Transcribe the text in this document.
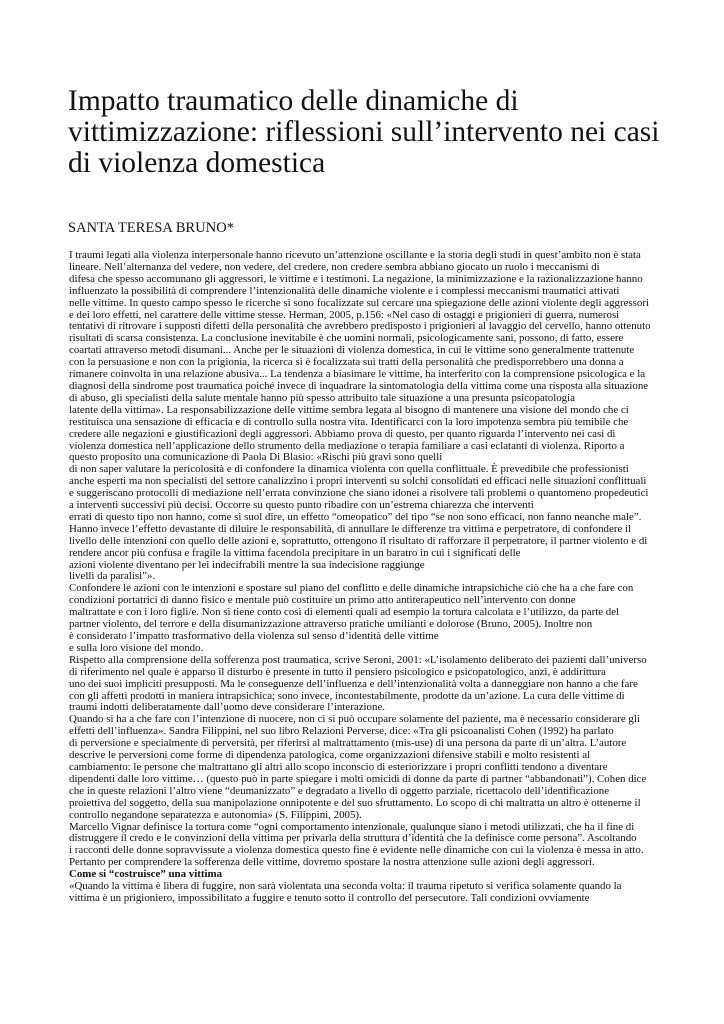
Impatto traumatico delle dinamiche di
vittimizzazione: riflessioni sull’intervento nei casi
di violenza domestica
SANTA TERESA BRUNO*
I traumi legati alla violenza interpersonale hanno ricevuto un’attenzione oscillante e la storia degli studi in quest’ambito non è stata
lineare. Nell’alternanza del vedere, non vedere, del credere, non credere sembra abbiano giocato un ruolo i meccanismi di
difesa che spesso accomunano gli aggressori, le vittime e i testimoni. La negazione, la minimizzazione e la razionalizzazione hanno
influenzato la possibilità di comprendere l’intenzionalità delle dinamiche violente e i complessi meccanismi traumatici attivati
nelle vittime. In questo campo spesso le ricerche si sono focalizzate sul cercare una spiegazione delle azioni violente degli aggressori
e dei loro effetti, nel carattere delle vittime stesse. Herman, 2005, p.156: «Nel caso di ostaggi e prigionieri di guerra, numerosi
tentativi di ritrovare i supposti difetti della personalità che avrebbero predisposto i prigionieri al lavaggio del cervello, hanno ottenuto
risultati di scarsa consistenza. La conclusione inevitabile è che uomini normali, psicologicamente sani, possono, di fatto, essere
coartati attraverso metodi disumani... Anche per le situazioni di violenza domestica, in cui le vittime sono generalmente trattenute
con la persuasione e non con la prigionia, la ricerca si è focalizzata sui tratti della personalità che predisporrebbero una donna a
rimanere coinvolta in una relazione abusiva... La tendenza a biasimare le vittime, ha interferito con la comprensione psicologica e la
diagnosi della sindrome post traumatica poiché invece di inquadrare la sintomatologia della vittima come una risposta alla situazione
di abuso, gli specialisti della salute mentale hanno più spesso attribuito tale situazione a una presunta psicopatologia
latente della vittima». La responsabilizzazione delle vittime sembra legata al bisogno di mantenere una visione del mondo che ci
restituisca una sensazione di efficacia e di controllo sulla nostra vita. Identificarci con la loro impotenza sembra più temibile che
credere alle negazioni e giustificazioni degli aggressori. Abbiamo prova di questo, per quanto riguarda l’intervento nei casi di
violenza domestica nell’applicazione dello strumento della mediazione o terapia familiare a casi eclatanti di violenza. Riporto a
questo proposito una comunicazione di Paola Di Blasio: «Rischi più gravi sono quelli
di non saper valutare la pericolosità e di confondere la dinamica violenta con quella conflittuale. È prevedibile che professionisti
anche esperti ma non specialisti del settore canalizzino i propri interventi su solchi consolidati ed efficaci nelle situazioni conflittuali
e suggeriscano protocolli di mediazione nell’errata convinzione che siano idonei a risolvere tali problemi o quantomeno propedeutici
a interventi successivi più decisi. Occorre su questo punto ribadire con un’estrema chiarezza che interventi
errati di questo tipo non hanno, come si suol dire, un effetto “omeopatico” del tipo “se non sono efficaci, non fanno neanche male”.
Hanno invece l’effetto devastante di diluire le responsabilità, di annullare le differenze tra vittima e perpetratore, di confondere il
livello delle intenzioni con quello delle azioni e, soprattutto, ottengono il risultato di rafforzare il perpetratore, il partner violento e di
rendere ancor più confusa e fragile la vittima facendola precipitare in un baratro in cui i significati delle
azioni violente diventano per lei indecifrabili mentre la sua indecisione raggiunge
livelli da paralisi”».
Confondere le azioni con le intenzioni e spostare sul piano del conflitto e delle dinamiche intrapsichiche ciò che ha a che fare con
condizioni portatrici di danno fisico e mentale può costituire un primo atto antiterapeutico nell’intervento con donne
maltrattate e con i loro figli/e. Non si tiene conto così di elementi quali ad esempio la tortura calcolata e l’utilizzo, da parte del
partner violento, del terrore e della disumanizzazione attraverso pratiche umilianti e dolorose (Bruno, 2005). Inoltre non
è considerato l’impatto trasformativo della violenza sul senso d’identità delle vittime
e sulla loro visione del mondo.
Rispetto alla comprensione della sofferenza post traumatica, scrive Seroni, 2001: «L’isolamento deliberato dei pazienti dall’universo
di riferimento nel quale è apparso il disturbo è presente in tutto il pensiero psicologico e psicopatologico, anzi, è addirittura
uno dei suoi impliciti presupposti. Ma le conseguenze dell’influenza e dell’intenzionalità volta a danneggiare non hanno a che fare
con gli affetti prodotti in maniera intrapsichica; sono invece, incontestabilmente, prodotte da un’azione. La cura delle vittime di
traumi indotti deliberatamente dall’uomo deve considerare l’interazione.
Quando si ha a che fare con l’intenzione di nuocere, non ci si può occupare solamente del paziente, ma è necessario considerare gli
effetti dell’influenza». Sandra Filippini, nel suo libro Relazioni Perverse, dice: «Tra gli psicoanalisti Cohen (1992) ha parlato
di perversione e specialmente di perversità, per riferirsi al maltrattamento (mis-use) di una persona da parte di un’altra. L’autore
descrive le perversioni come forme di dipendenza patologica, come organizzazioni difensive stabili e molto resistenti al
cambiamento: le persone che maltrattano gli altri allo scopo inconscio di esteriorizzare i propri conflitti tendono a diventare
dipendenti dalle loro vittime… (questo può in parte spiegare i molti omicidi di donne da parte di partner “abbandonati”). Cohen dice
che in queste relazioni l’altro viene “deumanizzato” e degradato a livello di oggetto parziale, ricettacolo dell’identificazione
proiettiva del soggetto, della sua manipolazione onnipotente e del suo sfruttamento. Lo scopo di chi maltratta un altro è ottenerne il
controllo negandone separatezza e autonomia» (S. Filippini, 2005).
Marcello Vignar definisce la tortura come “ogni comportamento intenzionale, qualunque siano i metodi utilizzati, che ha il fine di
distruggere il credo e le convinzioni della vittima per privarla della struttura d’identità che la definisce come persona”. Ascoltando
i racconti delle donne sopravvissute a violenza domestica questo fine è evidente nelle dinamiche con cui la violenza è messa in atto.
Pertanto per comprendere la sofferenza delle vittime, dovremo spostare la nostra attenzione sulle azioni degli aggressori.
Come si “costruisce” una vittima
«Quando la vittima è libera di fuggire, non sarà violentata una seconda volta: il trauma ripetuto si verifica solamente quando la
vittima è un prigioniero, impossibilitato a fuggire e tenuto sotto il controllo del persecutore. Tali condizioni ovviamente
